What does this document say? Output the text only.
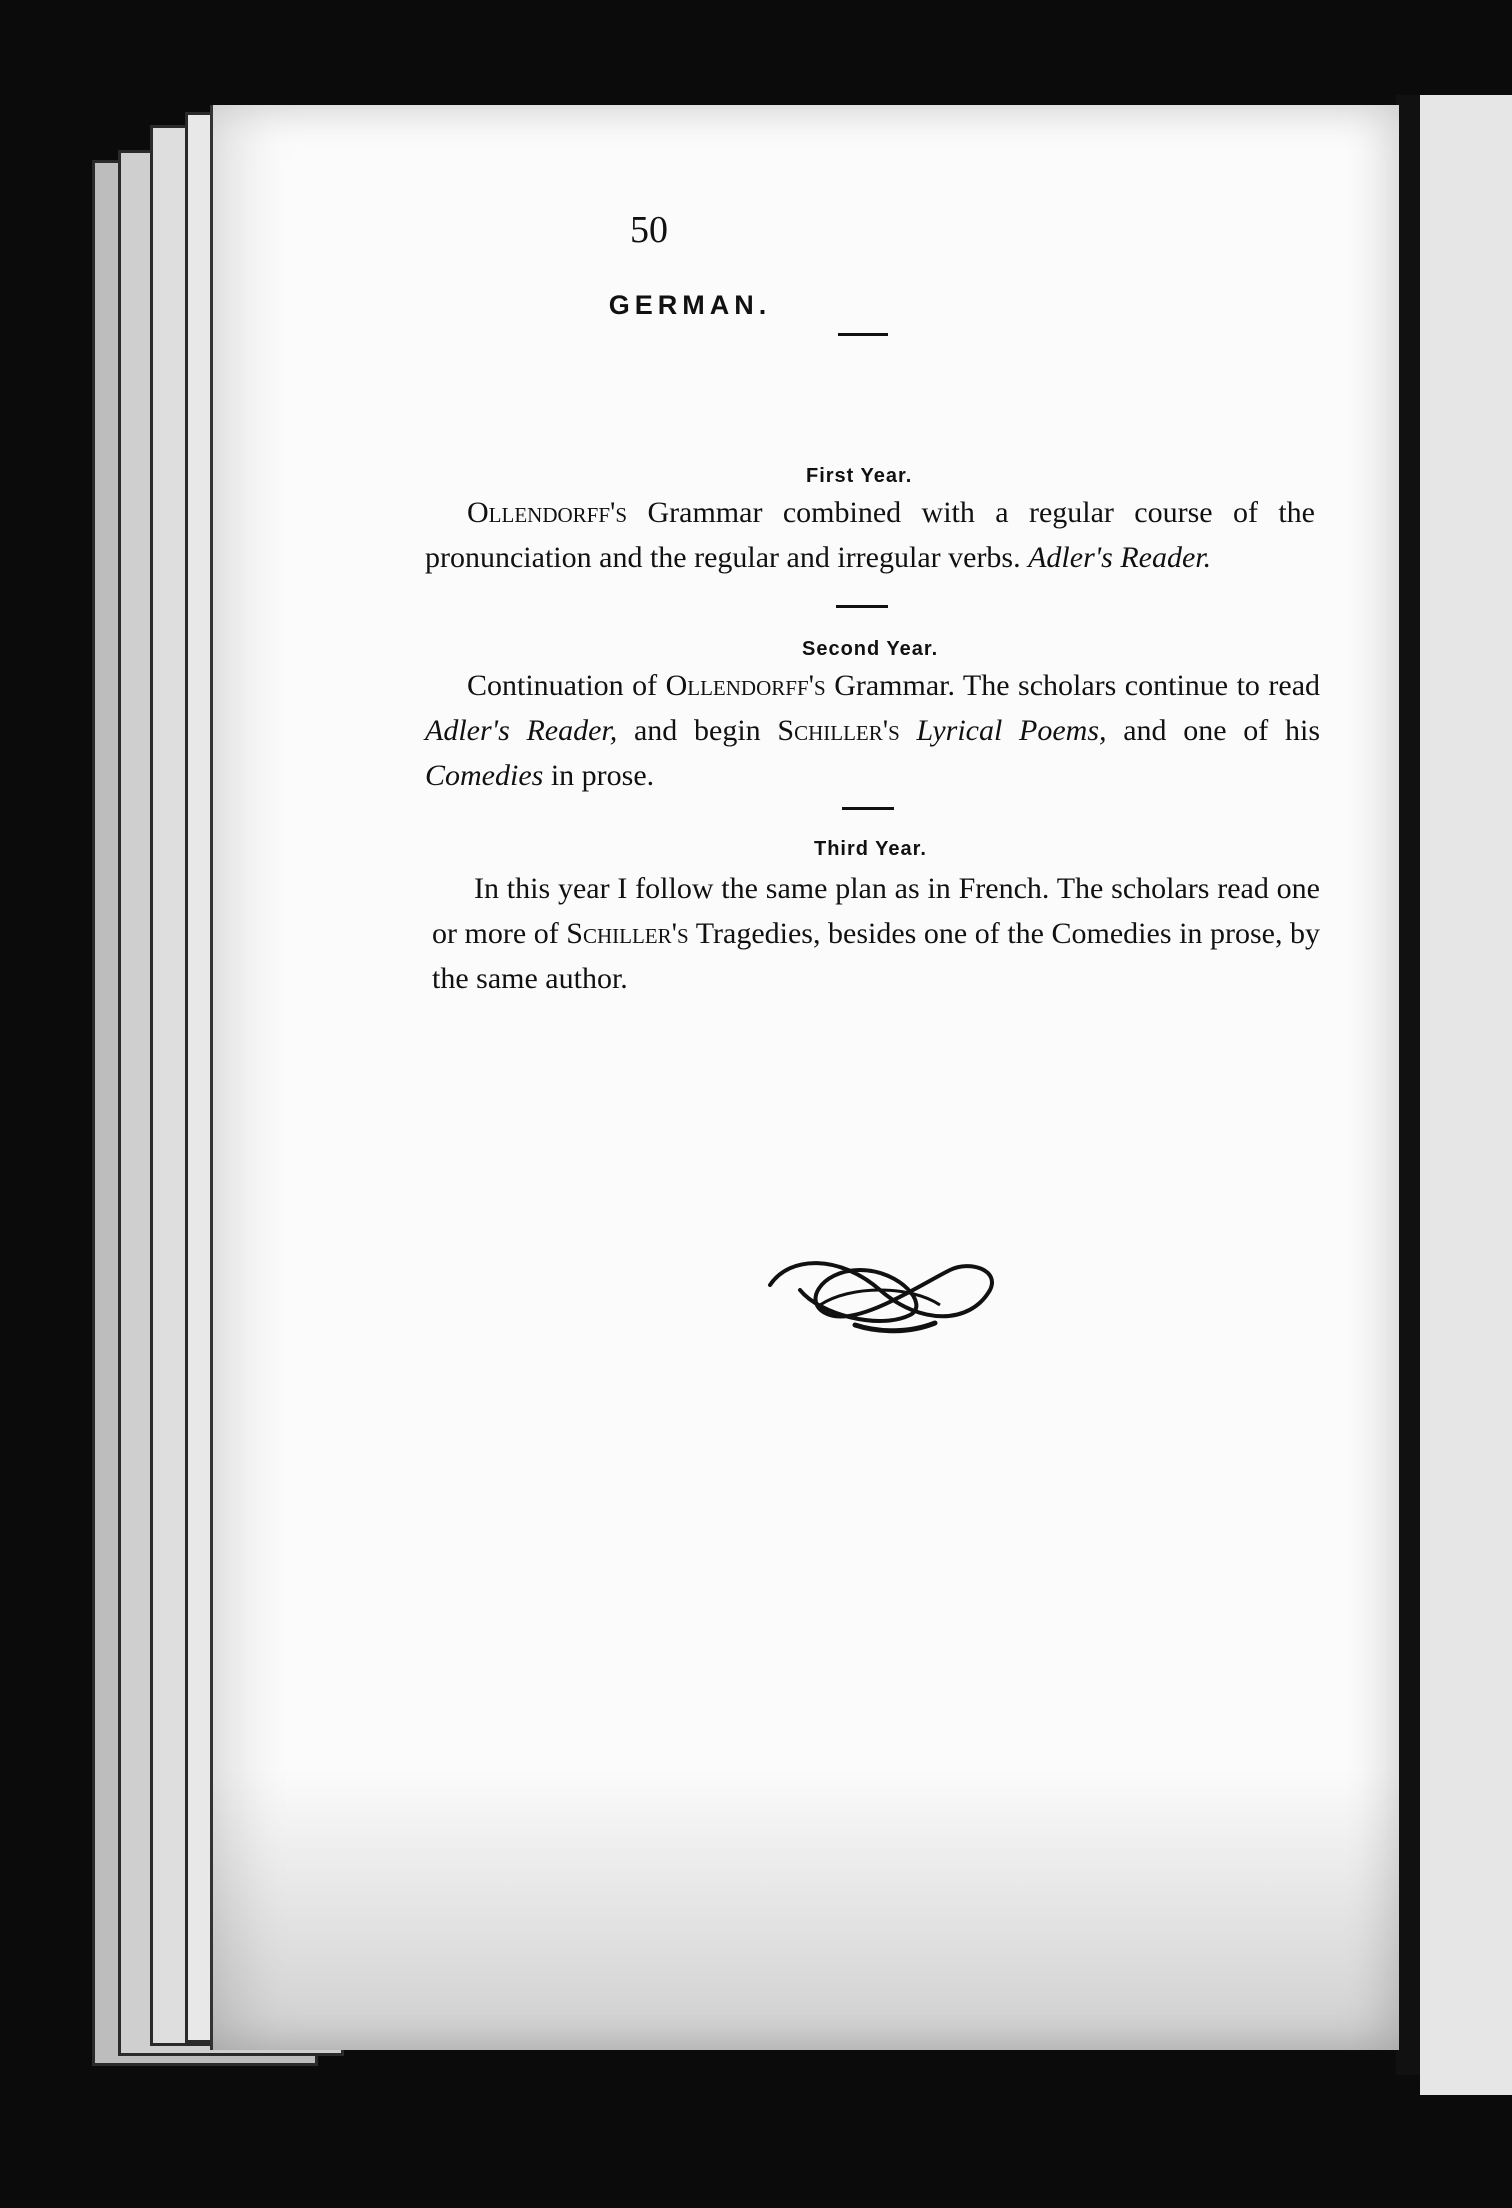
50
GERMAN.
First Year.

Ollendorff's Grammar combined with a regular course of the pronunciation and the regular and irregular verbs. Adler's Reader.

Second Year.

Continuation of Ollendorff's Grammar. The scholars continue to read Adler's Reader, and begin Schiller's Lyrical Poems, and one of his Comedies in prose.

Third Year.

In this year I follow the same plan as in French. The scholars read one or more of Schiller's Tragedies, besides one of the Comedies in prose, by the same author.
